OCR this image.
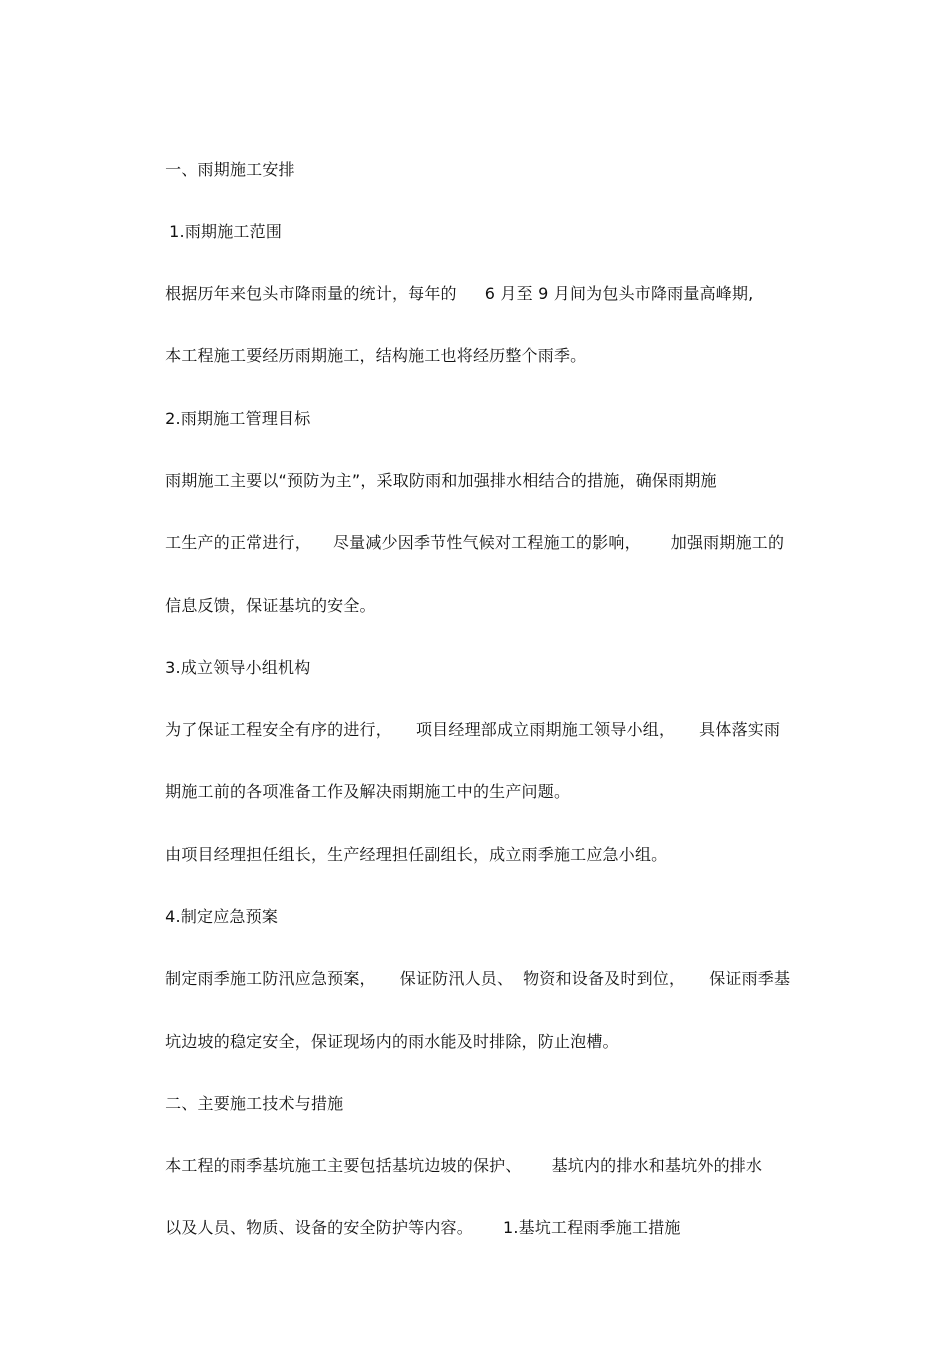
一、雨期施工安排

1.雨期施工范围

根据历年来包头市降雨量的统计，每年的 6 月至 9 月间为包头市降雨量高峰期,

本工程施工要经历雨期施工，结构施工也将经历整个雨季。

2.雨期施工管理目标

雨期施工主要以“预防为主”，采取防雨和加强排水相结合的措施，确保雨期施

工生产的正常进行， 尽量减少因季节性气候对工程施工的影响， 加强雨期施工的

信息反馈，保证基坑的安全。

3.成立领导小组机构

为了保证工程安全有序的进行， 项目经理部成立雨期施工领导小组， 具体落实雨

期施工前的各项准备工作及解决雨期施工中的生产问题。

由项目经理担任组长，生产经理担任副组长，成立雨季施工应急小组。

4.制定应急预案

制定雨季施工防汛应急预案， 保证防汛人员、 物资和设备及时到位， 保证雨季基

坑边坡的稳定安全，保证现场内的雨水能及时排除，防止泡槽。

二、主要施工技术与措施

本工程的雨季基坑施工主要包括基坑边坡的保护、 基坑内的排水和基坑外的排水

以及人员、物质、设备的安全防护等内容。 1.基坑工程雨季施工措施
